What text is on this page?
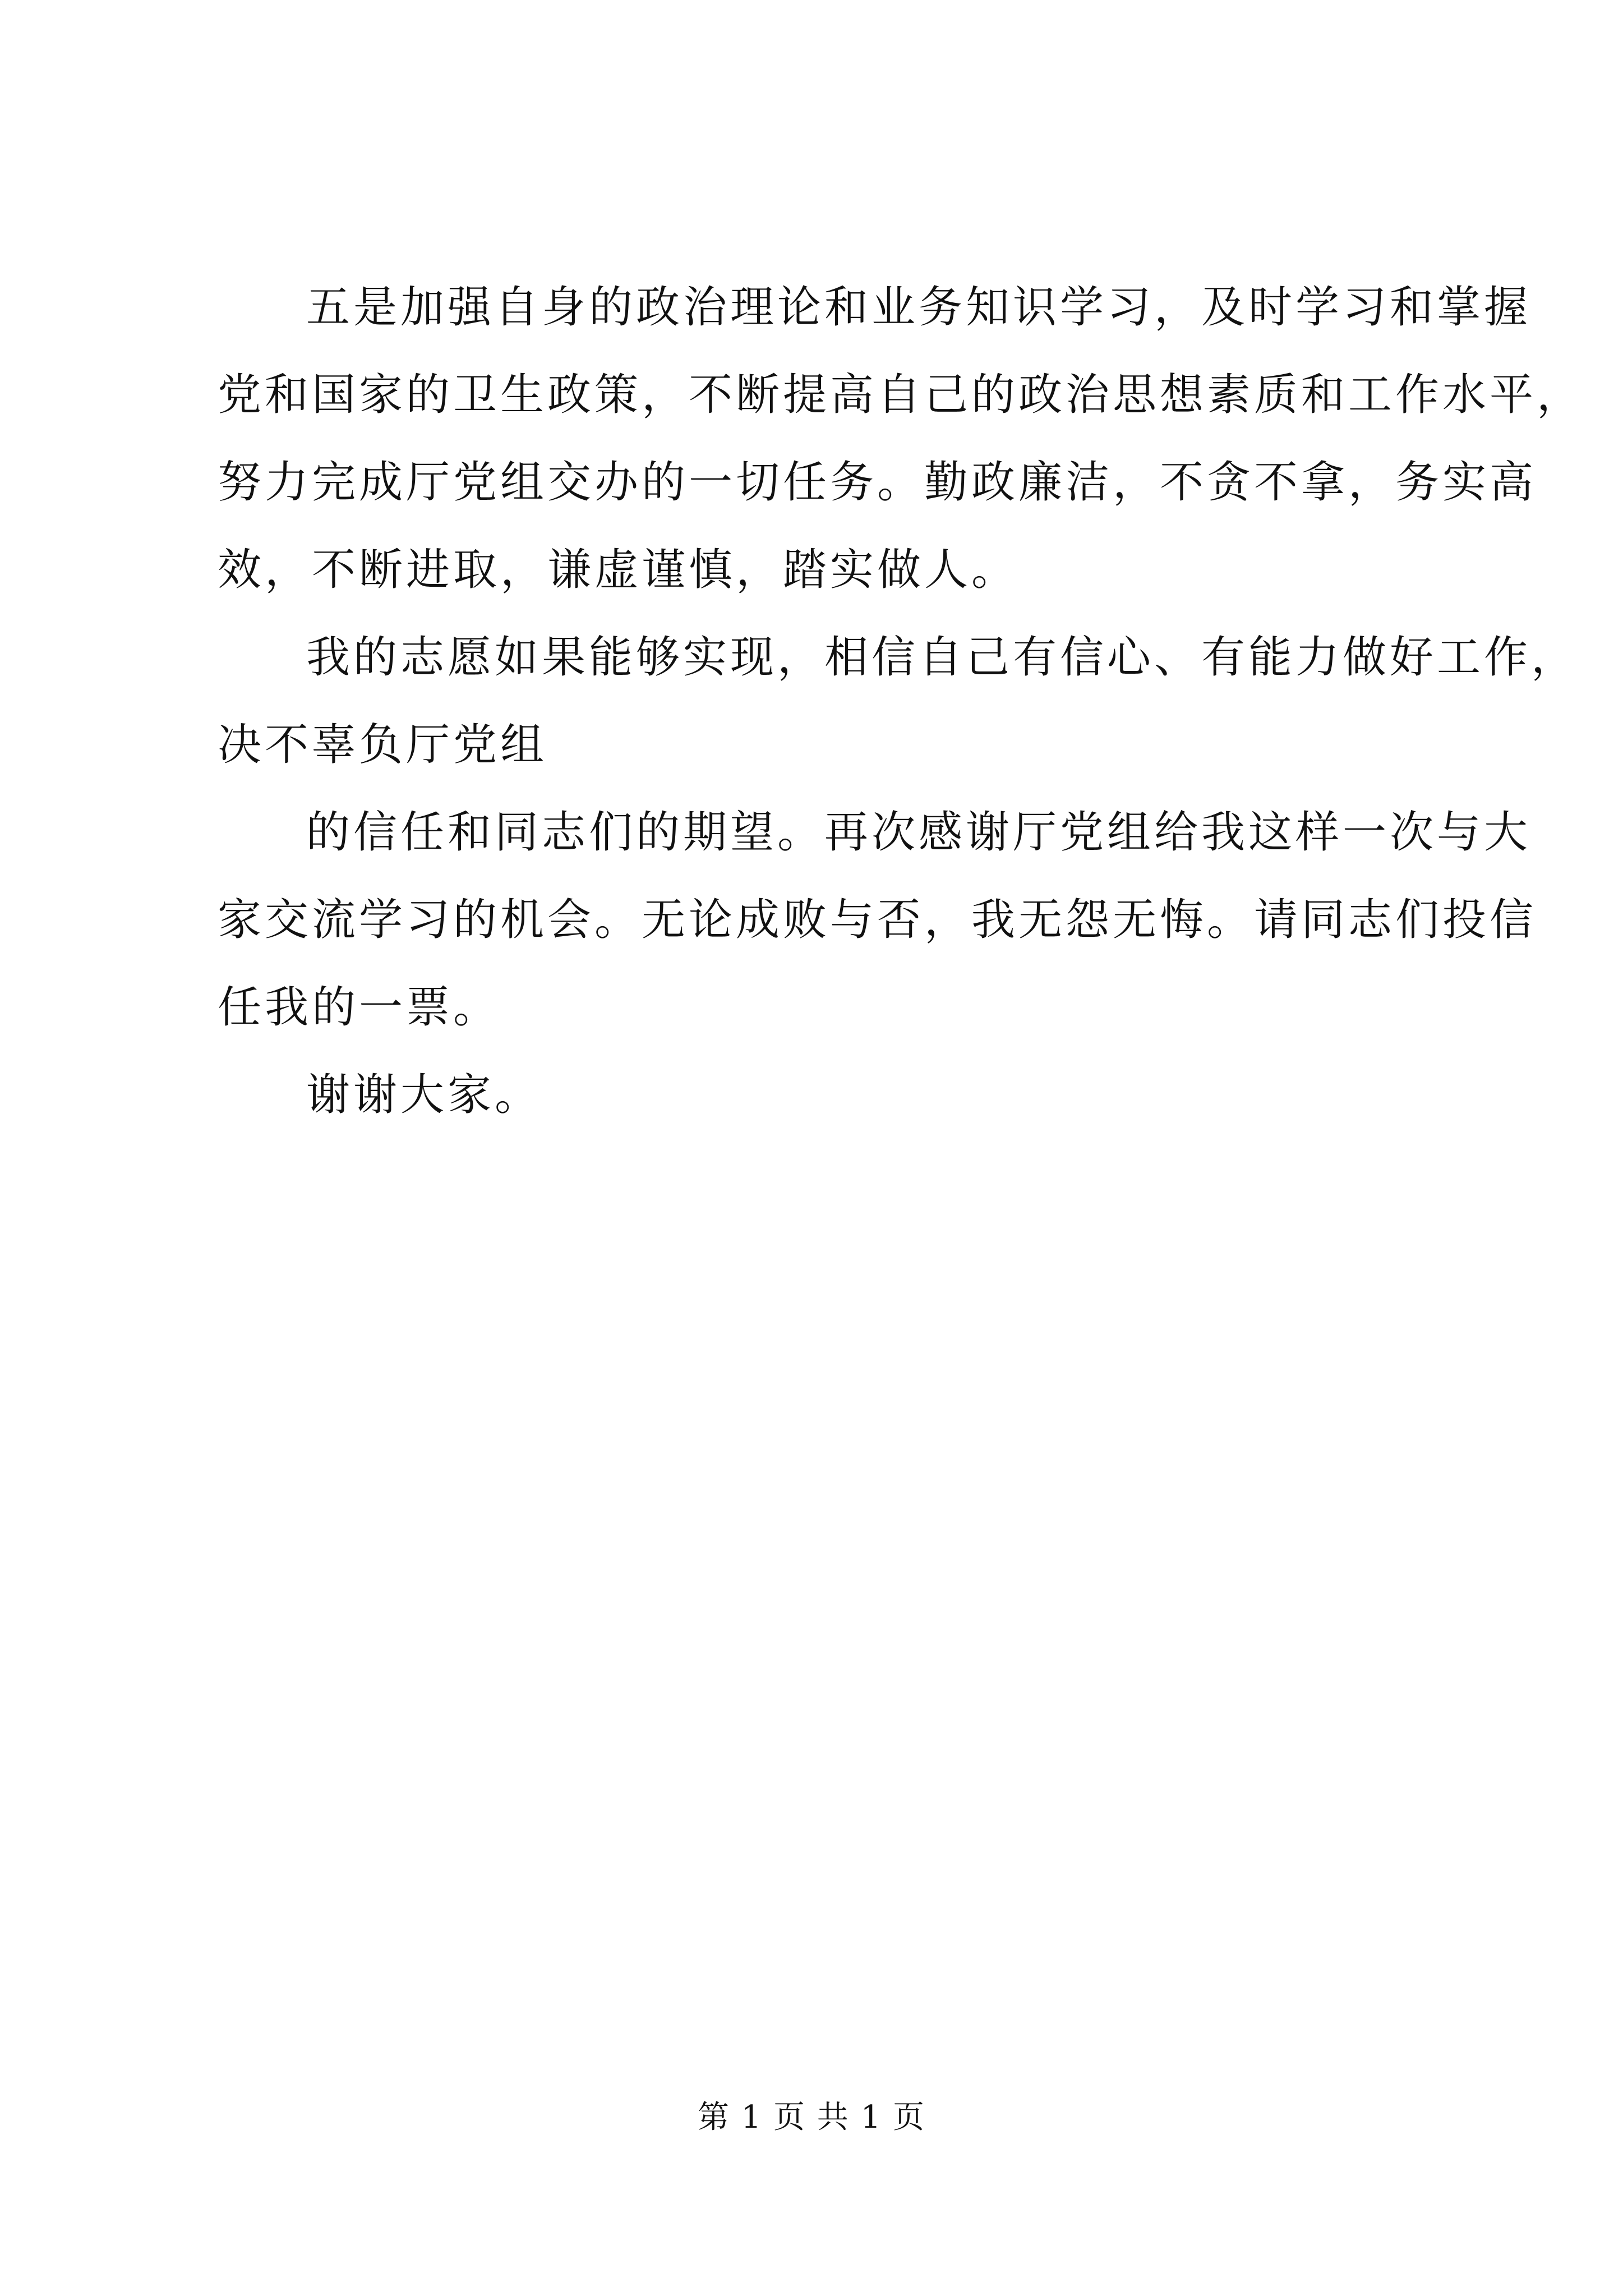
五是加强自身的政治理论和业务知识学习，及时学习和掌握
党和国家的卫生政策，不断提高自己的政治思想素质和工作水平，
努力完成厅党组交办的一切任务。勤政廉洁，不贪不拿，务实高
效，不断进取，谦虚谨慎，踏实做人。
我的志愿如果能够实现，相信自己有信心、有能力做好工作，
决不辜负厅党组
的信任和同志们的期望。再次感谢厅党组给我这样一次与大
家交流学习的机会。无论成败与否，我无怨无悔。请同志们投信
任我的一票。
谢谢大家。
第 1 页 共 1 页
